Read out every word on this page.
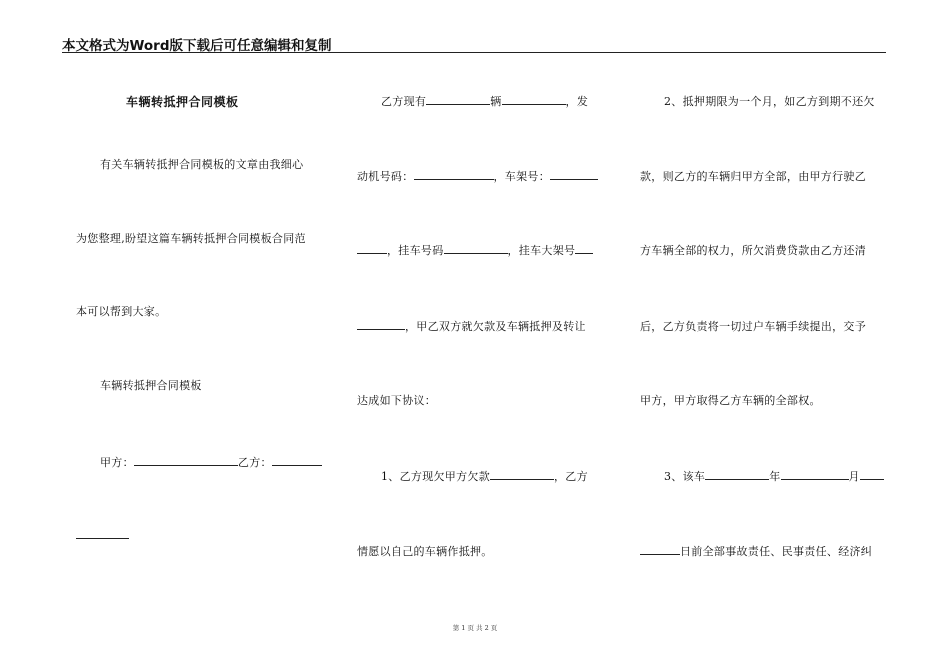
本文格式为Word版下载后可任意编辑和复制
车辆转抵押合同模板
有关车辆转抵押合同模板的文章由我细心
为您整理,盼望这篇车辆转抵押合同模板合同范
本可以帮到大家。
车辆转抵押合同模板
甲方：	乙方：
乙方现有	辆	，发
动机号码：	，车架号：
，挂车号码	，挂车大架号
，甲乙双方就欠款及车辆抵押及转让
达成如下协议：
1、乙方现欠甲方欠款	，乙方
情愿以自己的车辆作抵押。
2、抵押期限为一个月，如乙方到期不还欠
款，则乙方的车辆归甲方全部，由甲方行驶乙
方车辆全部的权力，所欠消费贷款由乙方还清
后，乙方负责将一切过户车辆手续提出，交予
甲方，甲方取得乙方车辆的全部权。
3、该车	年	月
日前全部事故责任、民事责任、经济纠
第 1 页 共 2 页
